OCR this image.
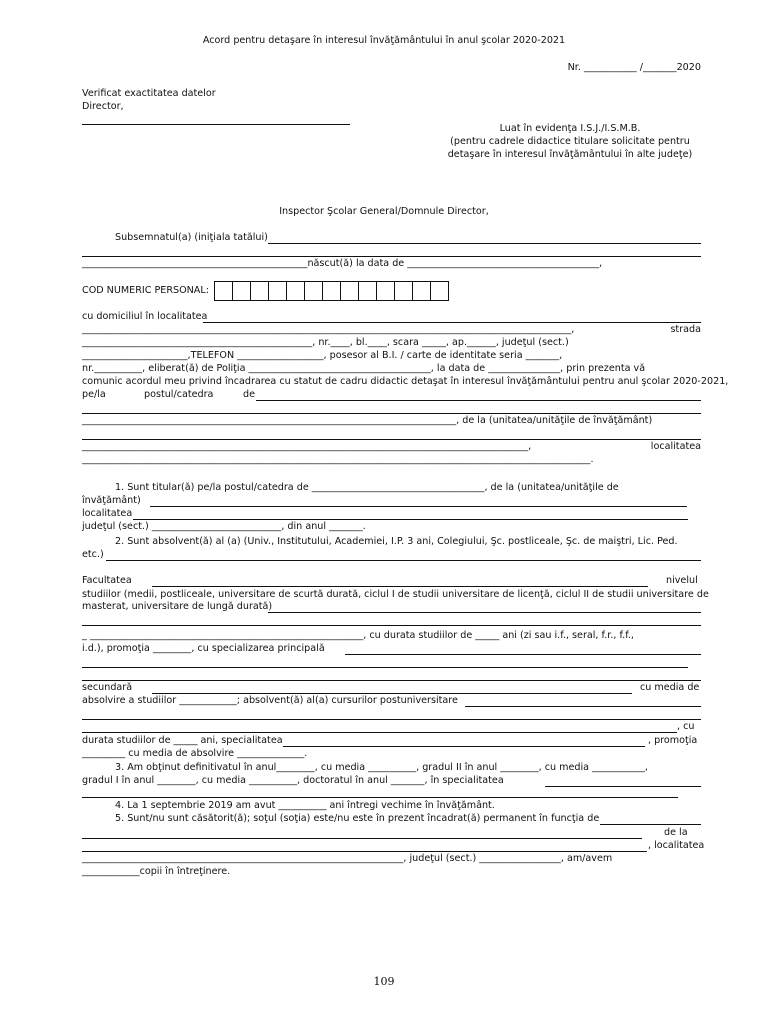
Acord pentru detaşare în interesul învăţământului în anul şcolar 2020-2021
Nr. ___________ /_______2020
Verificat exactitatea datelor
Director,
Luat în evidenţa I.S.J./I.S.M.B.
(pentru cadrele didactice titulare solicitate pentru
detaşare în interesul învăţământului în alte judeţe)
Inspector Şcolar General/Domnule Director,
Subsemnatul(a) (iniţiala tatălui)
_______________________________________________născut(ă) la data de ________________________________________,
COD NUMERIC PERSONAL:
cu domiciliul în localitatea
______________________________________________________________________________________________________,	strada
________________________________________________, nr.____, bl.____, scara _____, ap.______, judeţul (sect.)
______________________,TELEFON __________________, posesor al B.I. / carte de identitate seria _______,
nr.__________, eliberat(ă) de Poliţia ______________________________________, la data de _______________, prin prezenta vă
comunic acordul meu privind încadrarea cu statut de cadru didactic detaşat în interesul învăţământului pentru anul şcolar 2020-2021,
pe/la	postul/catedra	de
______________________________________________________________________________, de la (unitatea/unităţile de învăţământ)
_____________________________________________________________________________________________,	localitatea
__________________________________________________________________________________________________________.
1. Sunt titular(ă) pe/la postul/catedra de ____________________________________, de la (unitatea/unităţile de
învăţământ)
localitatea
judeţul (sect.) ___________________________, din anul _______.
2. Sunt absolvent(ă) al (a) (Univ., Institutului, Academiei, I.P. 3 ani, Colegiului, Şc. postliceale, Şc. de maiştri, Lic. Ped.
etc.)
Facultatea	nivelul
studiilor (medii, postliceale, universitare de scurtă durată, ciclul I de studii universitare de licenţă, ciclul II de studii universitare de
masterat, universitare de lungă durată)
_ _________________________________________________________, cu durata studiilor de _____ ani (zi sau i.f., seral, f.r., f.f.,
i.d.), promoţia ________, cu specializarea principală
secundară	cu media de
absolvire a studiilor ____________; absolvent(ă) al(a) cursurilor postuniversitare
, cu
durata studiilor de _____ ani, specialitatea	, promoţia
_________ cu media de absolvire ______________.
3. Am obţinut definitivatul în anul________, cu media __________, gradul II în anul ________, cu media ___________,
gradul I în anul ________, cu media __________, doctoratul în anul _______, în specialitatea
4. La 1 septembrie 2019 am avut __________ ani întregi vechime în învăţământ.
5. Sunt/nu sunt căsătorit(ă); soţul (soţia) este/nu este în prezent încadrat(ă) permanent în funcţia de
de la
, localitatea
___________________________________________________________________, judeţul (sect.) _________________, am/avem
____________copii în întreţinere.
109
